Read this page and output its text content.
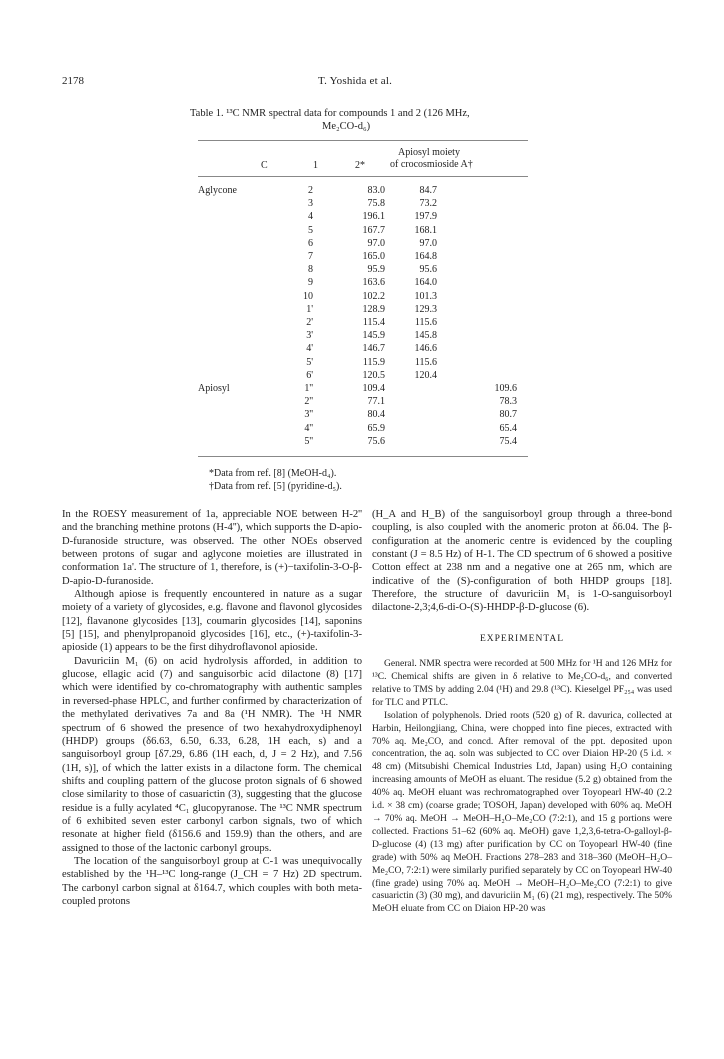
2178	T. Yoshida et al.
Table 1. ¹³C NMR spectral data for compounds 1 and 2 (126 MHz,
Me₂CO-d₆)
Apiosyl moiety
of crocosmioside A†
C	1	2*
Aglycone	2	83.0	84.7	
	3	75.8	73.2	
	4	196.1	197.9	
	5	167.7	168.1	
	6	97.0	97.0	
	7	165.0	164.8	
	8	95.9	95.6	
	9	163.6	164.0	
	10	102.2	101.3	
	1'	128.9	129.3	
	2'	115.4	115.6	
	3'	145.9	145.8	
	4'	146.7	146.6	
	5'	115.9	115.6	
	6'	120.5	120.4	
Apiosyl	1''	109.4		109.6
	2''	77.1		78.3
	3''	80.4		80.7
	4''	65.9		65.4
	5''	75.6		75.4
*Data from ref. [8] (MeOH-d₄).
†Data from ref. [5] (pyridine-d₅).

In the ROESY measurement of 1a, appreciable NOE between H-2'' and the branching methine protons (H-4''), which supports the D-apio-D-furanoside structure, was observed. The other NOEs observed between protons of sugar and aglycone moieties are illustrated in conformation 1a'. The structure of 1, therefore, is (+)−taxifolin-3-O-β-D-apio-D-furanoside.

Although apiose is frequently encountered in nature as a sugar moiety of a variety of glycosides, e.g. flavone and flavonol glycosides [12], flavanone glycosides [13], coumarin glycosides [14], saponins [5] [15], and phenylpropanoid glycosides [16], etc., (+)-taxifolin-3-apioside (1) appears to be the first dihydroflavonol apioside.

Davuriciin M₁ (6) on acid hydrolysis afforded, in addition to glucose, ellagic acid (7) and sanguisorbic acid dilactone (8) [17] which were identified by co-chromatography with authentic samples in reversed-phase HPLC, and further confirmed by characterization of the methylated derivatives 7a and 8a (¹H NMR). The ¹H NMR spectrum of 6 showed the presence of two hexahydroxydiphenoyl (HHDP) groups (δ6.63, 6.50, 6.33, 6.28, 1H each, s) and a sanguisorboyl group [δ7.29, 6.86 (1H each, d, J = 2 Hz), and 7.56 (1H, s)], of which the latter exists in a dilactone form. The chemical shifts and coupling pattern of the glucose proton signals of 6 showed close similarity to those of casuarictin (3), suggesting that the glucose residue is a fully acylated ⁴C₁ glucopyranose. The ¹³C NMR spectrum of 6 exhibited seven ester carbonyl carbon signals, two of which resonate at higher field (δ156.6 and 159.9) than the others, and are assigned to those of the lactonic carbonyl groups.

The location of the sanguisorboyl group at C-1 was unequivocally established by the ¹H–¹³C long-range (J_CH = 7 Hz) 2D spectrum. The carbonyl carbon signal at δ164.7, which couples with both meta-coupled protons

(H_A and H_B) of the sanguisorboyl group through a three-bond coupling, is also coupled with the anomeric proton at δ6.04. The β-configuration at the anomeric centre is evidenced by the coupling constant (J = 8.5 Hz) of H-1. The CD spectrum of 6 showed a positive Cotton effect at 238 nm and a negative one at 265 nm, which are indicative of the (S)-configuration of both HHDP groups [18]. Therefore, the structure of davuriciin M₁ is 1-O-sanguisorboyl dilactone-2,3;4,6-di-O-(S)-HHDP-β-D-glucose (6).

EXPERIMENTAL

General. NMR spectra were recorded at 500 MHz for ¹H and 126 MHz for ¹³C. Chemical shifts are given in δ relative to Me₂CO-d₆, and converted relative to TMS by adding 2.04 (¹H) and 29.8 (¹³C). Kieselgel PF₂₅₄ was used for TLC and PTLC.

Isolation of polyphenols. Dried roots (520 g) of R. davurica, collected at Harbin, Heilongjiang, China, were chopped into fine pieces, extracted with 70% aq. Me₂CO, and concd. After removal of the ppt. deposited upon concentration, the aq. soln was subjected to CC over Diaion HP-20 (5 i.d. × 48 cm) (Mitsubishi Chemical Industries Ltd, Japan) using H₂O containing increasing amounts of MeOH as eluant. The residue (5.2 g) obtained from the 40% aq. MeOH eluant was rechromatographed over Toyopearl HW-40 (2.2 i.d. × 38 cm) (coarse grade; TOSOH, Japan) developed with 60% aq. MeOH → 70% aq. MeOH → MeOH–H₂O–Me₂CO (7:2:1), and 15 g portions were collected. Fractions 51–62 (60% aq. MeOH) gave 1,2,3,6-tetra-O-galloyl-β-D-glucose (4) (13 mg) after purification by CC on Toyopearl HW-40 (fine grade) with 50% aq MeOH. Fractions 278–283 and 318–360 (MeOH–H₂O–Me₂CO, 7:2:1) were similarly purified separately by CC on Toyopearl HW-40 (fine grade) using 70% aq. MeOH → MeOH–H₂O–Me₂CO (7:2:1) to give casuarictin (3) (30 mg), and davuriciin M₁ (6) (21 mg), respectively. The 50% MeOH eluate from CC on Diaion HP-20 was
